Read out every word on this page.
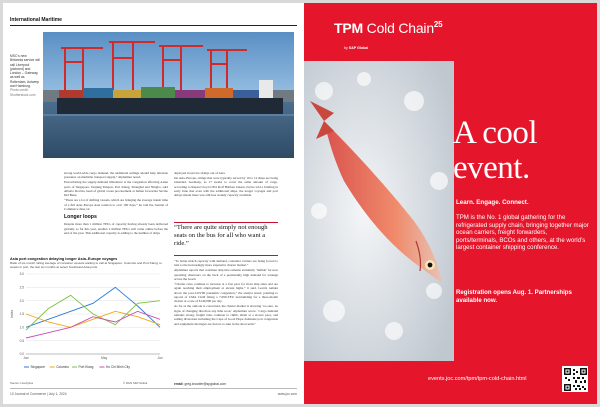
International Maritime
MSC’s new Britannia service will call Liverpool (pictured) and London – Gateway, as well as Rotterdam, Antwerp and Hamburg. Photo credit: Shutterstock.com

strong world-wide cargo demand, the additional sailings should help alleviate pressures on maritime transport supply,” Alphaliner noted.

Exacerbating the supply-demand imbalance is the congestion affecting Asian ports of Singapore, Tanjung Pelepas, Port Klang, Shanghai and Ningbo, said Alberto Rovida, head of global ocean procurement at Italian forwarder Savino Del Bene.

“There are a lot of shifting vessels, which are bringing the average transit time of a full Asia–Europe Asia rotation to over 100 days,” he told the Journal of Commerce June 12.

Longer loops

Despite more than 1 million TEUs of capacity having already been delivered globally so far this year, another 2 million TEUs will come online before the end of the year. This additional capacity is adding to the number of ships

deployed in service strings out of Asia.

On Asia–Europe, strings that were typically served by 10 to 12 ships are being extended. Germany, as 17 weeks to cover the same amount of cargo, according to Rupasi Lloyd CEO Rolf Habben Jansen, but he told a briefing in early June that even with the additional ships, the longer voyages and port delays meant there was still less weekly capacity available.

“There are quite simply not enough seats on the bus for all who want a ride.”

“To better match capacity with demand, container carriers are being forced to turn to the increasingly more expensive charter market.”

Alphaliner reports that container ship hire remains extremely ‘bullish’ for new operating charterers on the back of a persistently high demand for tonnage across the board.

“Charter rates continue to increase at a fast pace for most ship sizes and are again reaching their employment at eleven highs,” it said. Levels remain above the post-COVID pandemic congestion,” the analyst noted, pointing to reports of CMA CGM fixing a 7,090-TEU newbuilding for a three-month charter at a rate of $140,000 per day.

As for as the outlook is concerned, the charter market is showing ‘no sure, no signs of changing direction any time soon,’ Alphaliner wrote. ‘Cargo demand remains strong, freight rates continue to climb, albeit at a slower pace, and sailing diversions including the Cape of Good Hope dominate port congestion and equipment shortages are factors to take in the short term.”

Asia port congestion delaying longer Asia–Europe voyages
Ratio of six-month rolling average of container vessels waiting to call at Singapore, Colombo and Port Klang; to weeks in port, the last six months at select Southeast Asia ports
0.0
0.5
1.0
1.5
2.0
2.5
3.0
Index
Jan	May	Jun
Singapore	Colombo	Port Klang	Ho Chi Minh City
Source: Linerlytica	© 2024 S&P Global	email: greg.knowler@spglobal.com
10 Journal of Commerce | July 1, 2024	www.joc.com
TPM Cold Chain$^{25}$
by S&P Global
A cool event.
Learn. Engage. Connect.
TPM is the No. 1 global gathering for the refrigerated supply chain, bringing together major ocean carriers, freight forwarders, ports/terminals, BCOs and others, at the world’s largest container shipping conference.
Registration opens Aug. 1. Partnerships available now.
events.joc.com/tpm/tpm-cold-chain.html
